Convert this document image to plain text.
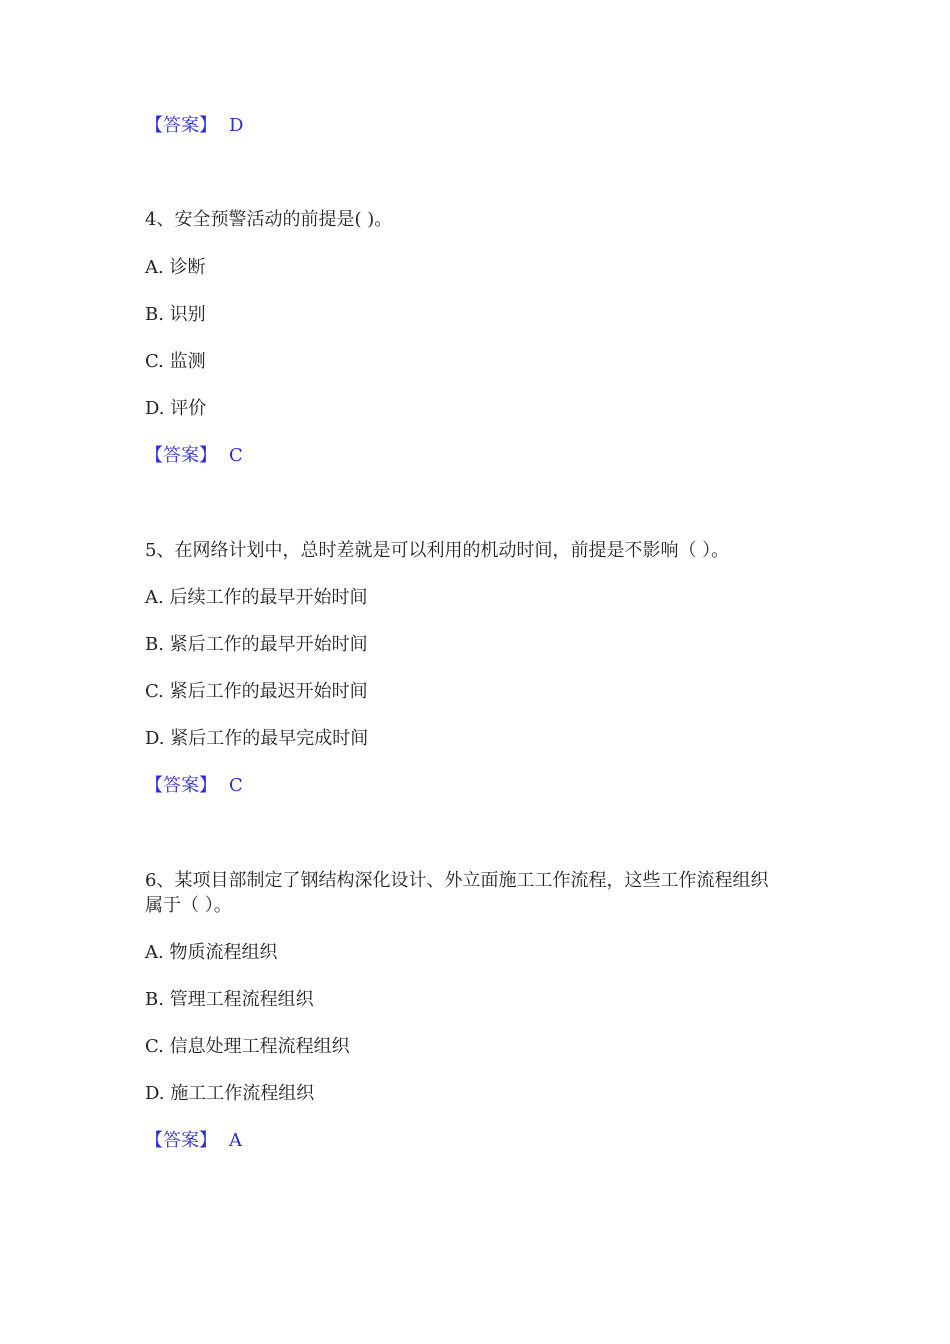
【答案】 D
4、安全预警活动的前提是( )。
A. 诊断
B. 识别
C. 监测
D. 评价
【答案】 C
5、在网络计划中，总时差就是可以利用的机动时间，前提是不影响（ ）。
A. 后续工作的最早开始时间
B. 紧后工作的最早开始时间
C. 紧后工作的最迟开始时间
D. 紧后工作的最早完成时间
【答案】 C
6、某项目部制定了钢结构深化设计、外立面施工工作流程，这些工作流程组织
属于（ ）。
A. 物质流程组织
B. 管理工程流程组织
C. 信息处理工程流程组织
D. 施工工作流程组织
【答案】 A
